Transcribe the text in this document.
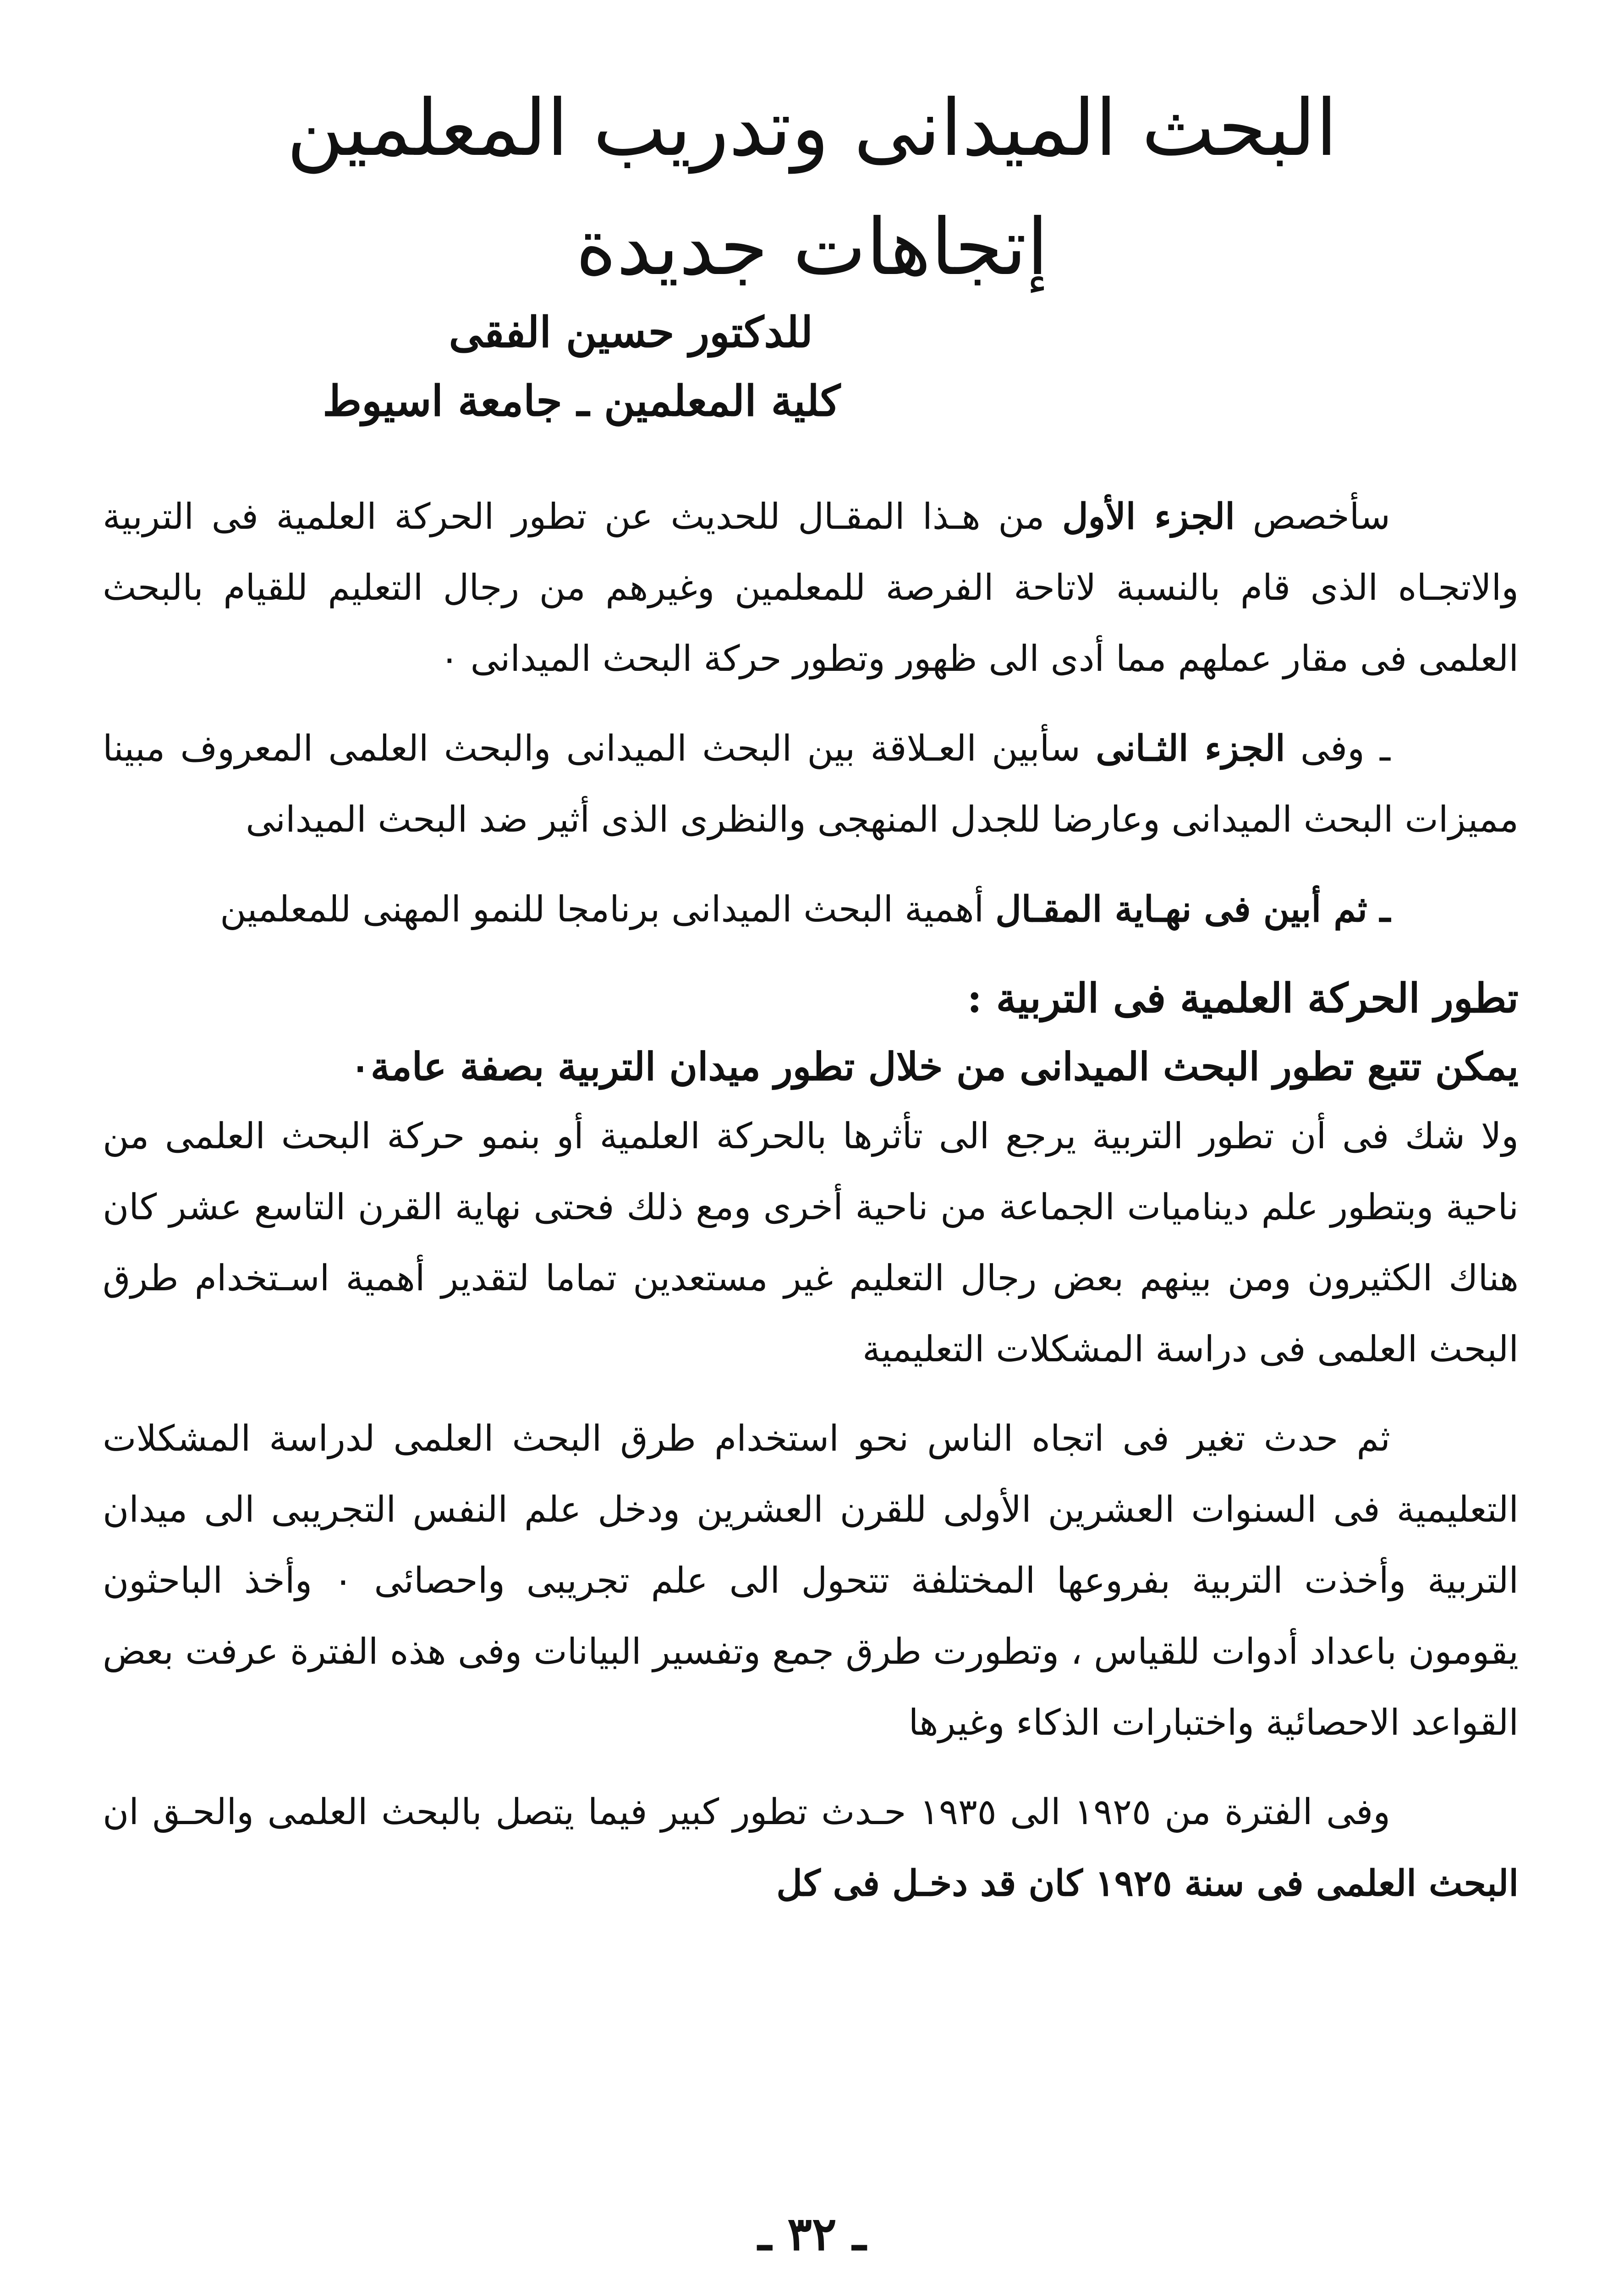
البحث الميدانى وتدريب المعلمين
إتجاهات جديدة
للدكتور حسين الفقى
كلية المعلمين ـ جامعة اسيوط

سأخصص الجزء الأول من هـذا المقـال للحديث عن تطور الحركة العلمية فى التربية والاتجـاه الذى قام بالنسبة لاتاحة الفرصة للمعلمين وغيرهم من رجال التعليم للقيام بالبحث العلمى فى مقار عملهم مما أدى الى ظهور وتطور حركة البحث الميدانى ٠

ـ وفى الجزء الثـانى سأبين العـلاقة بين البحث الميدانى والبحث العلمى المعروف مبينا مميزات البحث الميدانى وعارضا للجدل المنهجى والنظرى الذى أثير ضد البحث الميدانى

ـ ثم أبين فى نهـاية المقـال أهمية البحث الميدانى برنامجا للنمو المهنى للمعلمين

تطور الحركة العلمية فى التربية :
يمكن تتبع تطور البحث الميدانى من خلال تطور ميدان التربية بصفة عامة٠

ولا شك فى أن تطور التربية يرجع الى تأثرها بالحركة العلمية أو بنمو حركة البحث العلمى من ناحية وبتطور علم ديناميات الجماعة من ناحية أخرى ومع ذلك فحتى نهاية القرن التاسع عشر كان هناك الكثيرون ومن بينهم بعض رجال التعليم غير مستعدين تماما لتقدير أهمية اسـتخدام طرق البحث العلمى فى دراسة المشكلات التعليمية

ثم حدث تغير فى اتجاه الناس نحو استخدام طرق البحث العلمى لدراسة المشكلات التعليمية فى السنوات العشرين الأولى للقرن العشرين ودخل علم النفس التجريبى الى ميدان التربية وأخذت التربية بفروعها المختلفة تتحول الى علم تجريبى واحصائى ٠ وأخذ الباحثون يقومون باعداد أدوات للقياس ، وتطورت طرق جمع وتفسير البيانات وفى هذه الفترة عرفت بعض القواعد الاحصائية واختبارات الذكاء وغيرها

وفى الفترة من ١٩٢٥ الى ١٩٣٥ حـدث تطور كبير فيما يتصل بالبحث العلمى والحـق ان البحث العلمى فى سنة ١٩٢٥ كان قد دخـل فى كل

ـ ٣٢ ـ
